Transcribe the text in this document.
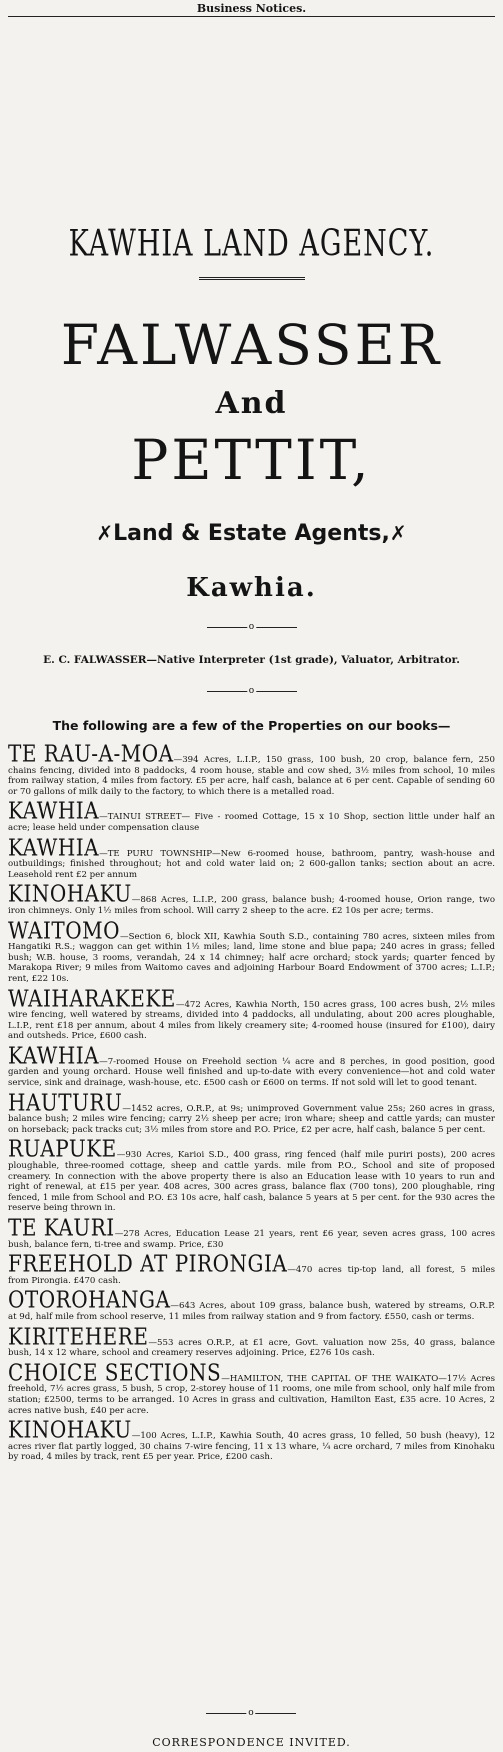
Business Notices.
KAWHIA LAND AGENCY.
FALWASSER
And
PETTIT,
✗Land & Estate Agents,✗
Kawhia.
o
E. C. FALWASSER—Native Interpreter (1st grade), Valuator, Arbitrator.
o
The following are a few of the Properties on our books—
TE RAU-A-MOA—394 Acres, L.I.P., 150 grass, 100 bush, 20 crop, balance fern, 250 chains fencing, divided into 8 paddocks, 4 room house, stable and cow shed, 3½ miles from school, 10 miles from railway station, 4 miles from factory. £5 per acre, half cash, balance at 6 per cent. Capable of sending 60 or 70 gallons of milk daily to the factory, to which there is a metalled road.
KAWHIA—TAINUI STREET— Five - roomed Cottage, 15 x 10 Shop, section little under half an acre; lease held under compensation clause
KAWHIA—TE PURU TOWNSHIP—New 6-roomed house, bathroom, pantry, wash-house and outbuildings; finished throughout; hot and cold water laid on; 2 600-gallon tanks; section about an acre. Leasehold rent £2 per annum
KINOHAKU—868 Acres, L.I.P., 200 grass, balance bush; 4-roomed house, Orion range, two iron chimneys. Only 1½ miles from school. Will carry 2 sheep to the acre. £2 10s per acre; terms.
WAITOMO—Section 6, block XII, Kawhia South S.D., containing 780 acres, sixteen miles from Hangatiki R.S.; waggon can get within 1½ miles; land, lime stone and blue papa; 240 acres in grass; felled bush; W.B. house, 3 rooms, verandah, 24 x 14 chimney; half acre orchard; stock yards; quarter fenced by Marakopa River; 9 miles from Waitomo caves and adjoining Harbour Board Endowment of 3700 acres; L.I.P.; rent, £22 10s.
WAIHARAKEKE—472 Acres, Kawhia North, 150 acres grass, 100 acres bush, 2½ miles wire fencing, well watered by streams, divided into 4 paddocks, all undulating, about 200 acres ploughable, L.I.P., rent £18 per annum, about 4 miles from likely creamery site; 4-roomed house (insured for £100), dairy and outsheds. Price, £600 cash.
KAWHIA—7-roomed House on Freehold section ¼ acre and 8 perches, in good position, good garden and young orchard. House well finished and up-to-date with every convenience—hot and cold water service, sink and drainage, wash-house, etc. £500 cash or £600 on terms. If not sold will let to good tenant.
HAUTURU—1452 acres, O.R.P., at 9s; unimproved Government value 25s; 260 acres in grass, balance bush; 2 miles wire fencing; carry 2½ sheep per acre; iron whare; sheep and cattle yards; can muster on horseback; pack tracks cut; 3½ miles from store and P.O. Price, £2 per acre, half cash, balance 5 per cent.
RUAPUKE—930 Acres, Karioi S.D., 400 grass, ring fenced (half mile puriri posts), 200 acres ploughable, three-roomed cottage, sheep and cattle yards. mile from P.O., School and site of proposed creamery. In connection with the above property there is also an Education lease with 10 years to run and right of renewal, at £15 per year. 408 acres, 300 acres grass, balance flax (700 tons), 200 ploughable, ring fenced, 1 mile from School and P.O. £3 10s acre, half cash, balance 5 years at 5 per cent. for the 930 acres the reserve being thrown in.
TE KAURI—278 Acres, Education Lease 21 years, rent £6 year, seven acres grass, 100 acres bush, balance fern, ti-tree and swamp. Price, £30
FREEHOLD AT PIRONGIA—470 acres tip-top land, all forest, 5 miles from Pirongia. £470 cash.
OTOROHANGA—643 Acres, about 109 grass, balance bush, watered by streams, O.R.P. at 9d, half mile from school reserve, 11 miles from railway station and 9 from factory. £550, cash or terms.
KIRITEHERE—553 acres O.R.P., at £1 acre, Govt. valuation now 25s, 40 grass, balance bush, 14 x 12 whare, school and creamery reserves adjoining. Price, £276 10s cash.
CHOICE SECTIONS—HAMILTON, THE CAPITAL OF THE WAIKATO—17½ Acres freehold, 7½ acres grass, 5 bush, 5 crop, 2-storey house of 11 rooms, one mile from school, only half mile from station; £2500, terms to be arranged. 10 Acres in grass and cultivation, Hamilton East, £35 acre. 10 Acres, 2 acres native bush, £40 per acre.
KINOHAKU—100 Acres, L.I.P., Kawhia South, 40 acres grass, 10 felled, 50 bush (heavy), 12 acres river flat partly logged, 30 chains 7-wire fencing, 11 x 13 whare, ¼ acre orchard, 7 miles from Kinohaku by road, 4 miles by track, rent £5 per year. Price, £200 cash.
o
CORRESPONDENCE INVITED.
